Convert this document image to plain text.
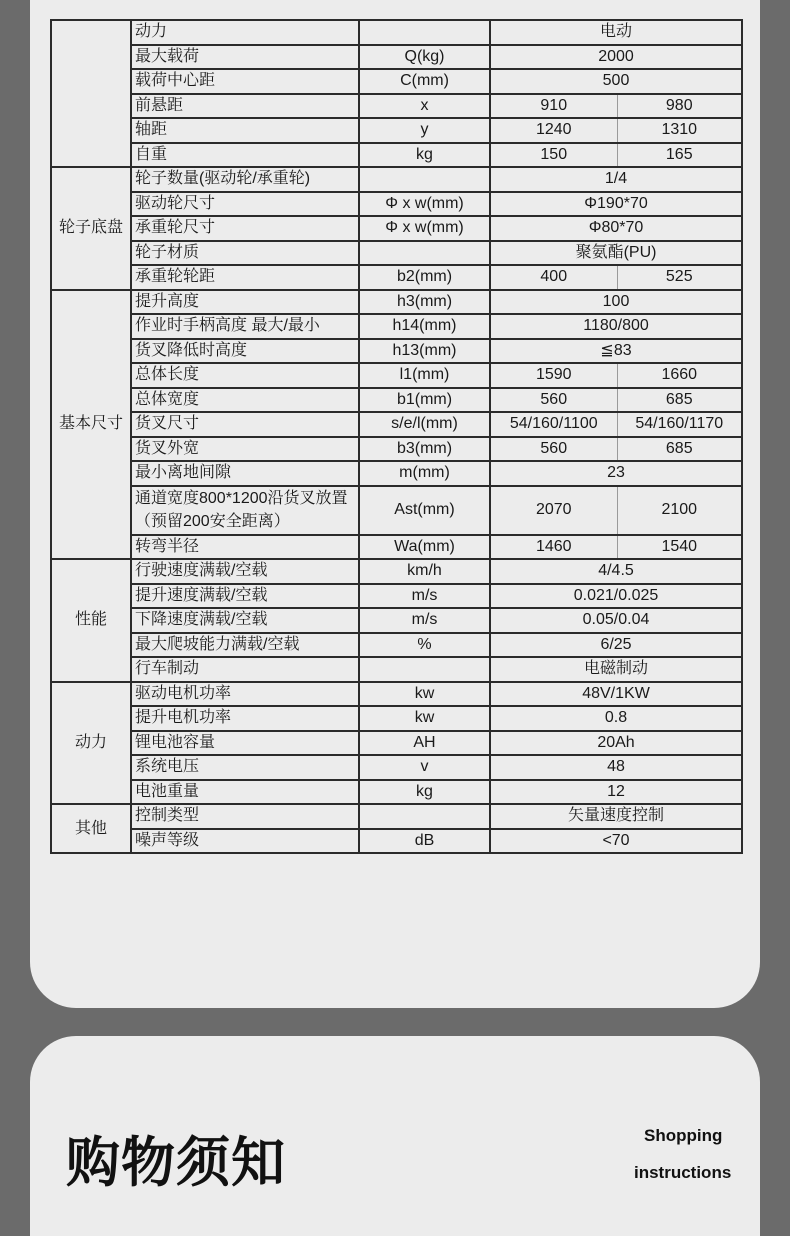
	动力		电动	
	最大载荷	Q(kg)	2000	
	载荷中心距	C(mm)	500	
	前悬距	x	910	980
	轴距	y	1240	1310
	自重	kg	150	165
轮子底盘	轮子数量(驱动轮/承重轮)		1/4	
	驱动轮尺寸	Φ x w(mm)	Φ190*70	
	承重轮尺寸	Φ x w(mm)	Φ80*70	
	轮子材质		聚氨酯(PU)	
	承重轮轮距	b2(mm)	400	525
基本尺寸	提升高度	h3(mm)	100	
	作业时手柄高度 最大/最小	h14(mm)	1180/800	
	货叉降低时高度	h13(mm)	≦83	
	总体长度	l1(mm)	1590	1660
	总体宽度	b1(mm)	560	685
	货叉尺寸	s/e/l(mm)	54/160/1100	54/160/1170
	货叉外宽	b3(mm)	560	685
	最小离地间隙	m(mm)	23	
	通道宽度800*1200沿货叉放置（预留200安全距离）	Ast(mm)	2070	2100
	转弯半径	Wa(mm)	1460	1540
性能	行驶速度满载/空载	km/h	4/4.5	
	提升速度满载/空载	m/s	0.021/0.025	
	下降速度满载/空载	m/s	0.05/0.04	
	最大爬坡能力满载/空载	%	6/25	
	行车制动		电磁制动	
动力	驱动电机功率	kw	48V/1KW	
	提升电机功率	kw	0.8	
	锂电池容量	AH	20Ah	
	系统电压	v	48	
	电池重量	kg	12	
其他	控制类型		矢量速度控制	
	噪声等级	dB	<70	
购物须知	Shopping
instructions
